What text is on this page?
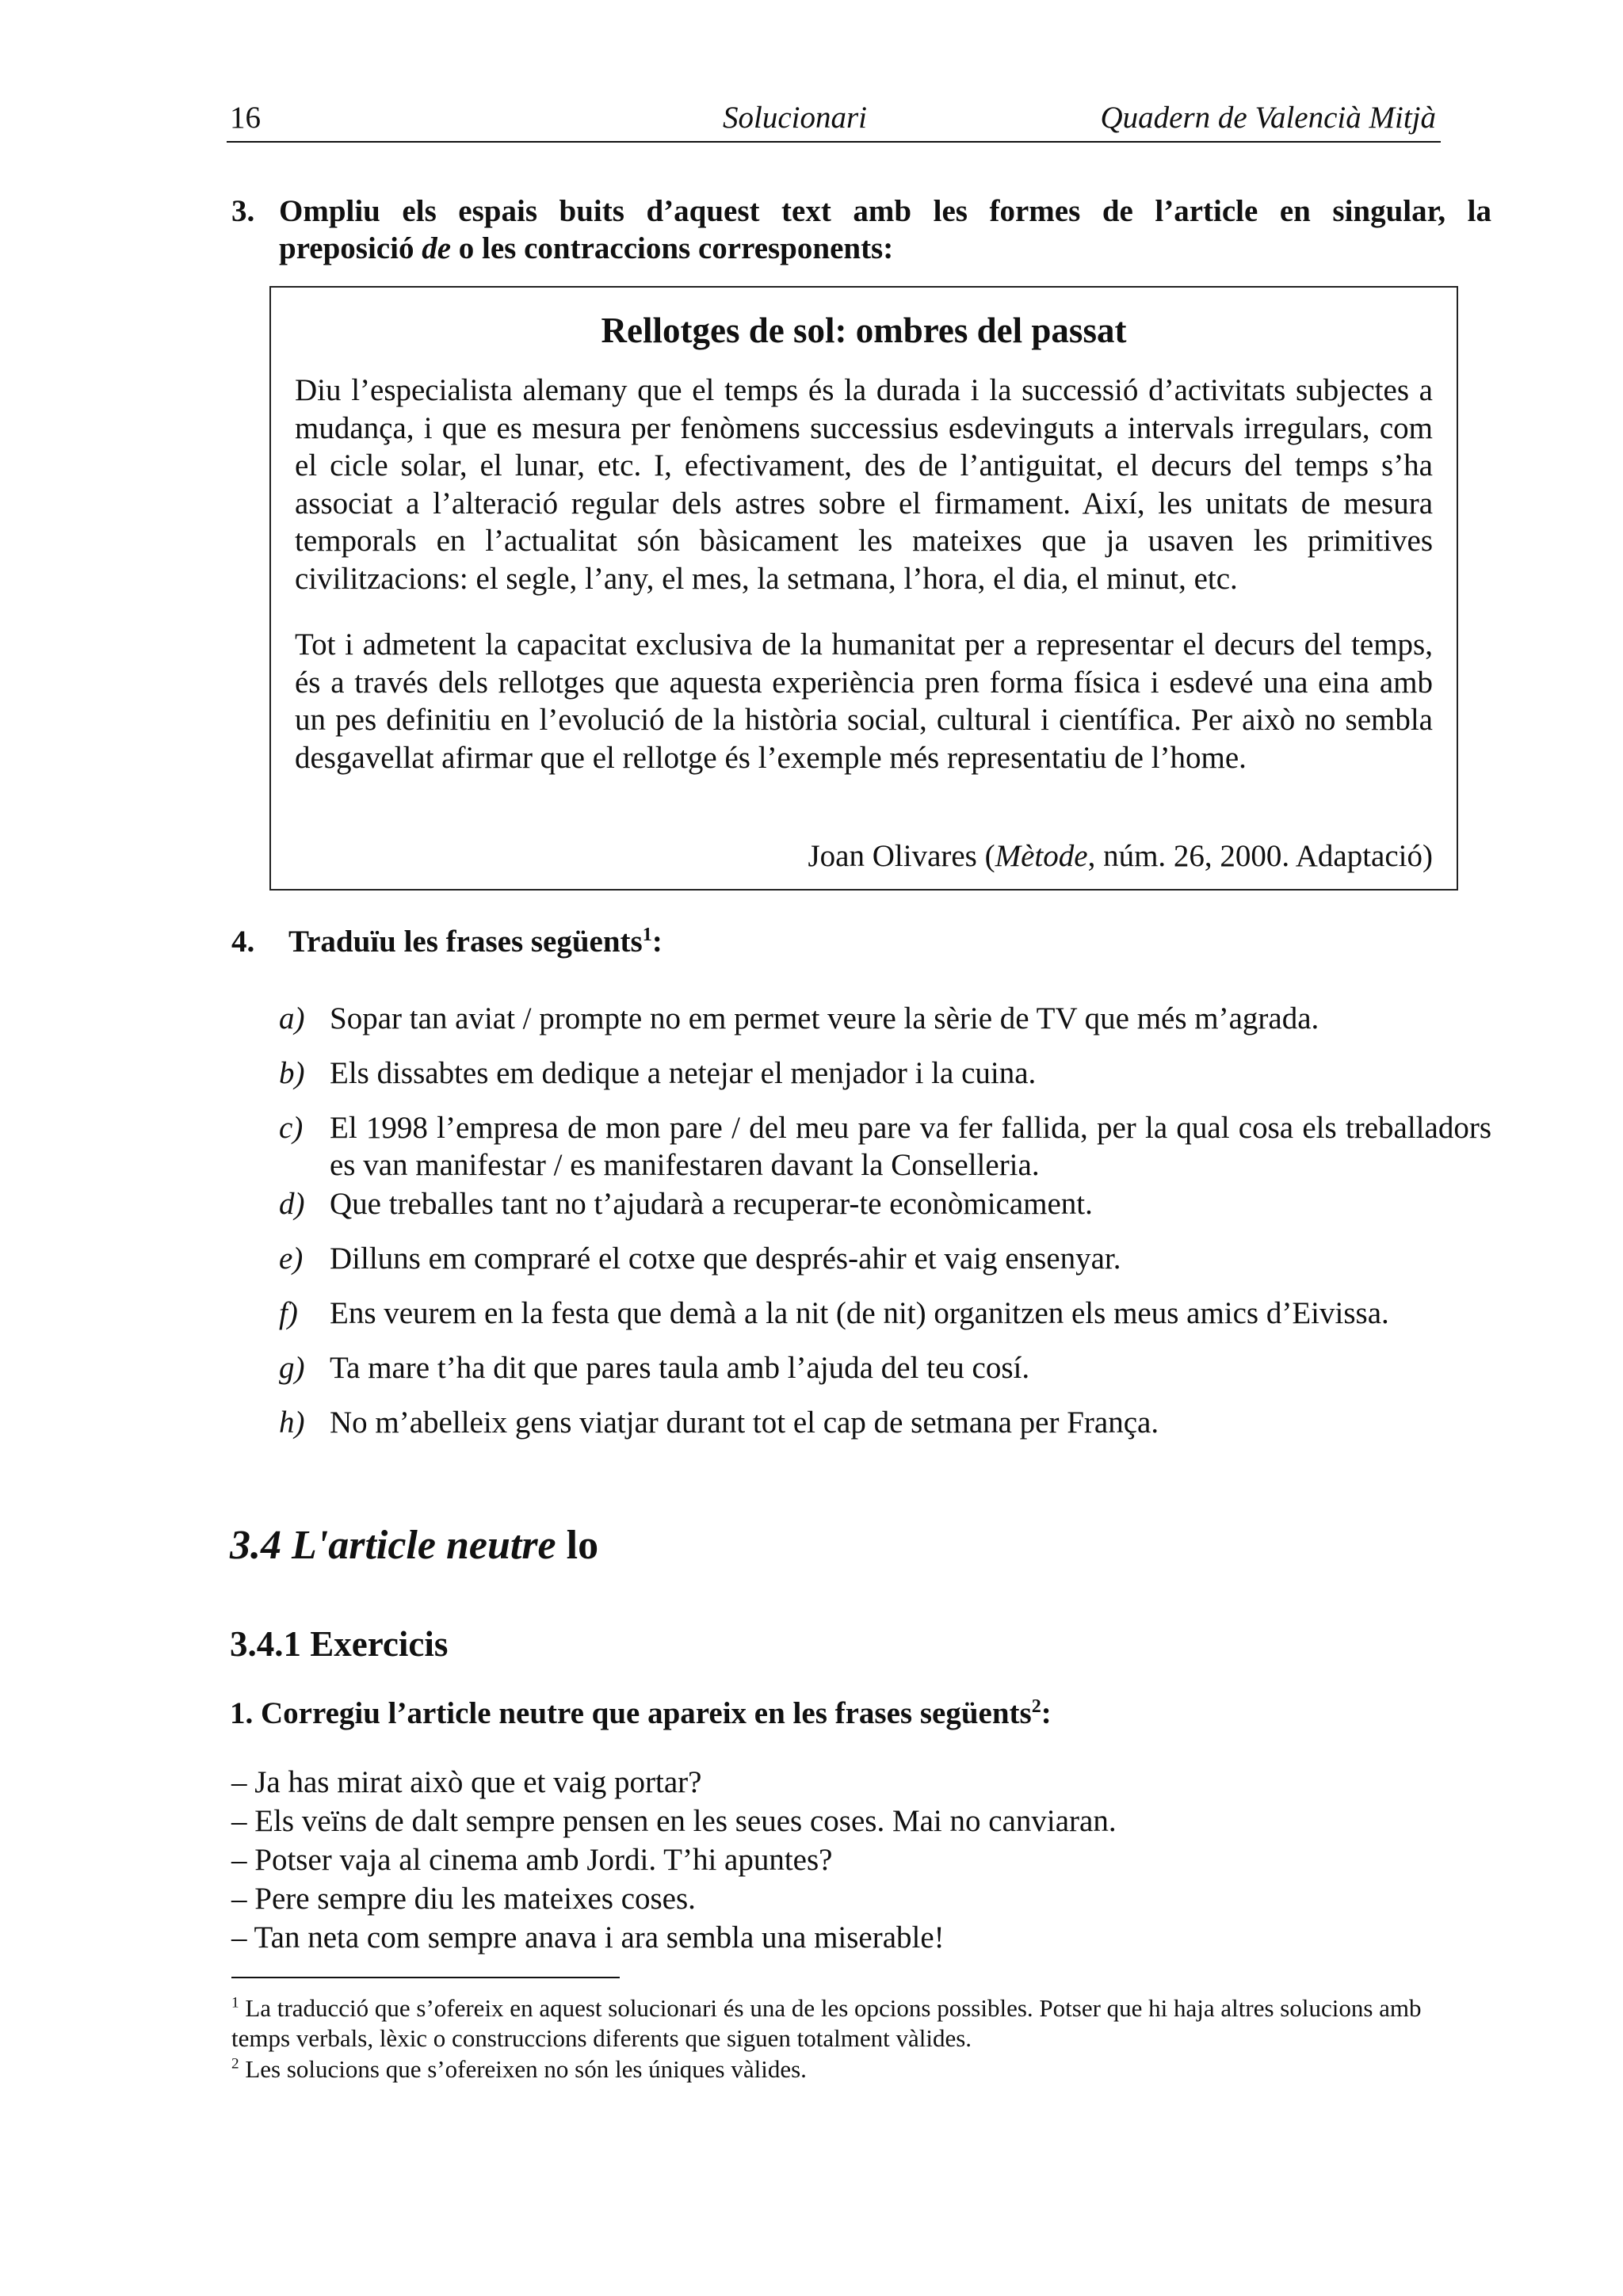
16	Solucionari	Quadern de Valencià Mitjà
3. Ompliu els espais buits d’aquest text amb les formes de l’article en singular, la
preposició de o les contraccions corresponents:
Rellotges de sol: ombres del passat
Diu l’especialista alemany que el temps és la durada i la successió d’activitats subjectes a mudança, i que es mesura per fenòmens successius esdevinguts a intervals irregulars, com el cicle solar, el lunar, etc. I, efectivament, des de l’antiguitat, el decurs del temps s’ha associat a l’alteració regular dels astres sobre el firmament. Així, les unitats de mesura temporals en l’actualitat són bàsicament les mateixes que ja usaven les primitives civilitzacions: el segle, l’any, el mes, la setmana, l’hora, el dia, el minut, etc.
Tot i admetent la capacitat exclusiva de la humanitat per a representar el decurs del temps, és a través dels rellotges que aquesta experiència pren forma física i esdevé una eina amb un pes definitiu en l’evolució de la història social, cultural i científica. Per això no sembla desgavellat afirmar que el rellotge és l’exemple més representatiu de l’home.
Joan Olivares (Mètode, núm. 26, 2000. Adaptació)
4. Traduïu les frases següents$^1$:
a) Sopar tan aviat / prompte no em permet veure la sèrie de TV que més m’agrada.
b) Els dissabtes em dedique a netejar el menjador i la cuina.
c) El 1998 l’empresa de mon pare / del meu pare va fer fallida, per la qual cosa els treballadors es van manifestar / es manifestaren davant la Conselleria.
d) Que treballes tant no t’ajudarà a recuperar-te econòmicament.
e) Dilluns em compraré el cotxe que després-ahir et vaig ensenyar.
f) Ens veurem en la festa que demà a la nit (de nit) organitzen els meus amics d’Eivissa.
g) Ta mare t’ha dit que pares taula amb l’ajuda del teu cosí.
h) No m’abelleix gens viatjar durant tot el cap de setmana per França.
3.4 L'article neutre lo
3.4.1 Exercicis
1. Corregiu l’article neutre que apareix en les frases següents$^2$:
– Ja has mirat això que et vaig portar?
– Els veïns de dalt sempre pensen en les seues coses. Mai no canviaran.
– Potser vaja al cinema amb Jordi. T’hi apuntes?
– Pere sempre diu les mateixes coses.
– Tan neta com sempre anava i ara sembla una miserable!
$^1$ La traducció que s’ofereix en aquest solucionari és una de les opcions possibles. Potser que hi haja altres solucions amb temps verbals, lèxic o construccions diferents que siguen totalment vàlides.
$^2$ Les solucions que s’ofereixen no són les úniques vàlides.
